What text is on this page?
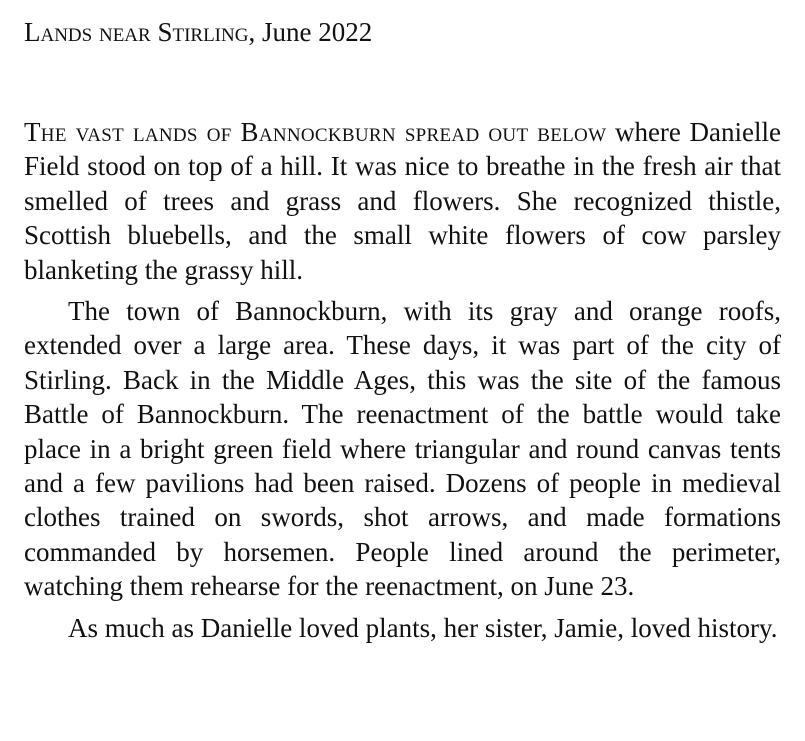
Lands near Stirling, June 2022

The vast lands of Bannockburn spread out below where Danielle Field stood on top of a hill. It was nice to breathe in the fresh air that smelled of trees and grass and flowers. She recognized thistle, Scottish bluebells, and the small white flowers of cow parsley blanketing the grassy hill.

The town of Bannockburn, with its gray and orange roofs, extended over a large area. These days, it was part of the city of Stirling. Back in the Middle Ages, this was the site of the famous Battle of Bannockburn. The reenactment of the battle would take place in a bright green field where triangular and round canvas tents and a few pavilions had been raised. Dozens of people in medieval clothes trained on swords, shot arrows, and made formations commanded by horsemen. People lined around the perimeter, watching them rehearse for the reenactment, on June 23.

As much as Danielle loved plants, her sister, Jamie, loved history.
